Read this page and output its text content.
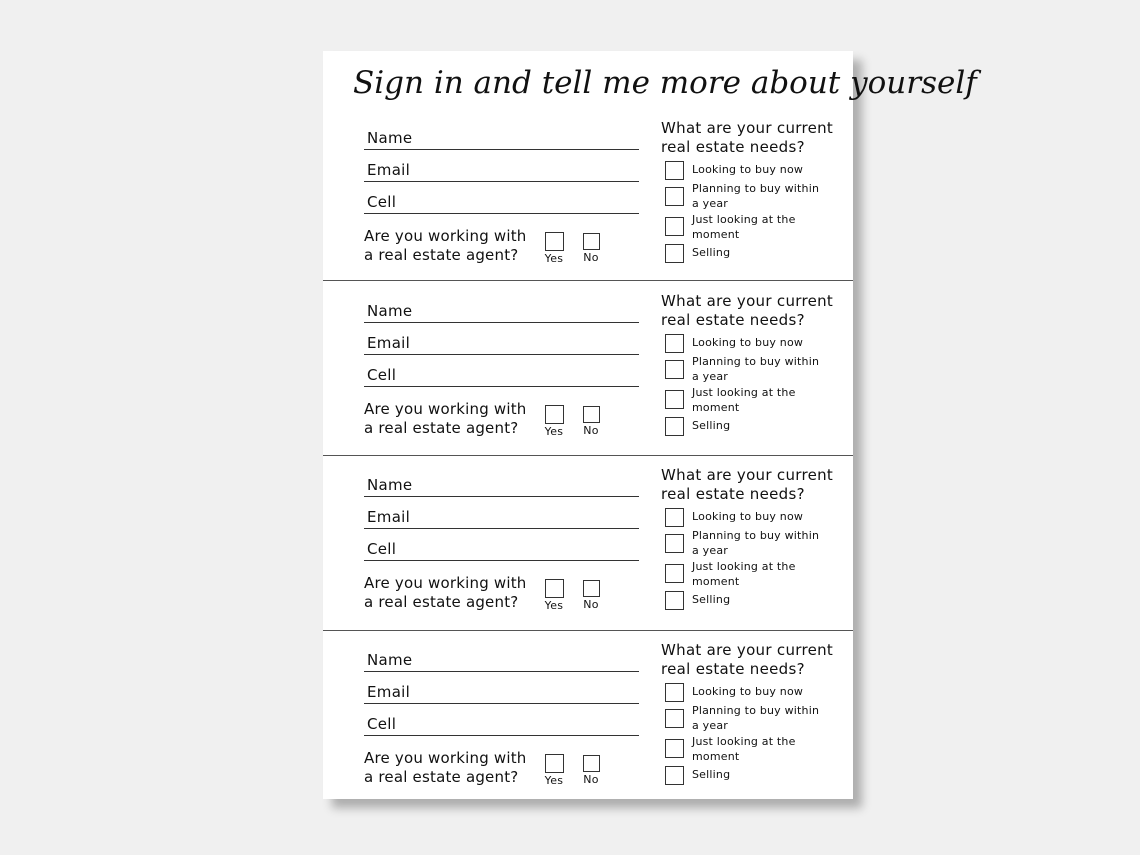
Sign in and tell me more about yourself
Name
Email
Cell
Are you working with a real estate agent?	Yes No
What are your current real estate needs?
Looking to buy now
Planning to buy within a year
Just looking at the moment
Selling
Name
Email
Cell
Are you working with a real estate agent?	Yes No
What are your current real estate needs?
Looking to buy now
Planning to buy within a year
Just looking at the moment
Selling
Name
Email
Cell
Are you working with a real estate agent?	Yes No
What are your current real estate needs?
Looking to buy now
Planning to buy within a year
Just looking at the moment
Selling
Name
Email
Cell
Are you working with a real estate agent?	Yes No
What are your current real estate needs?
Looking to buy now
Planning to buy within a year
Just looking at the moment
Selling
